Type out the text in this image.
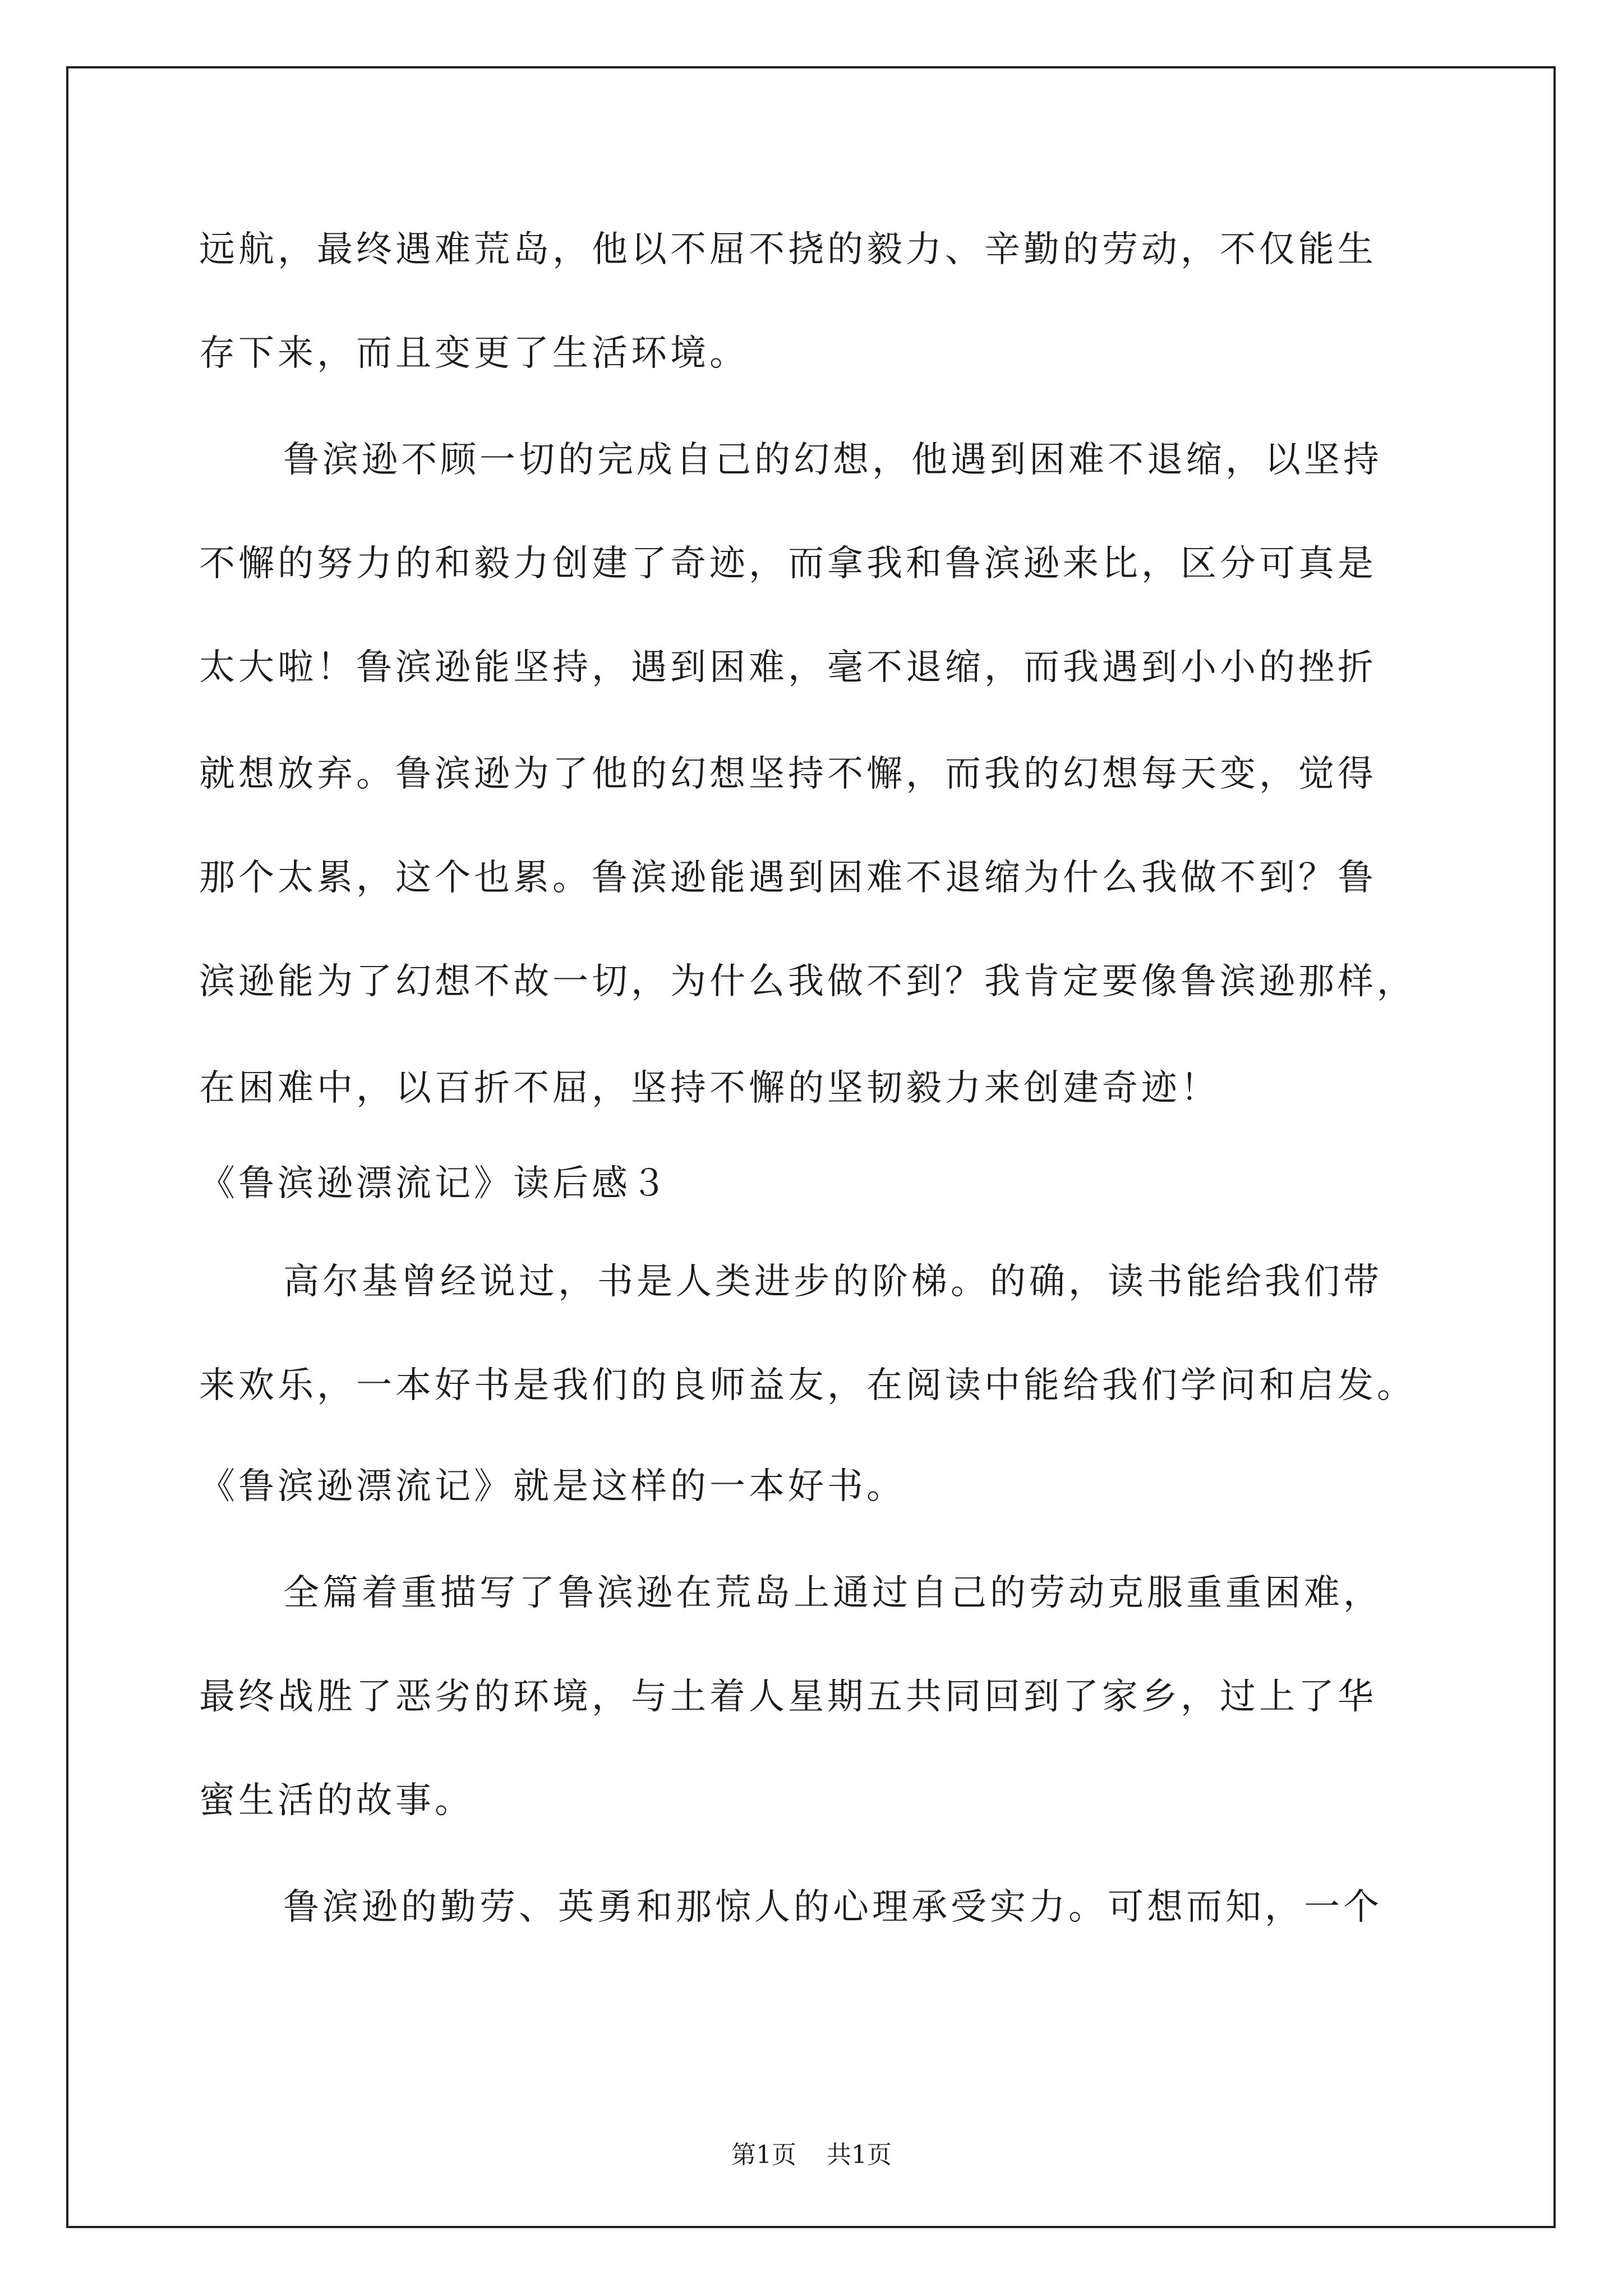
远航，最终遇难荒岛，他以不屈不挠的毅力、辛勤的劳动，不仅能生
存下来，而且变更了生活环境。
鲁滨逊不顾一切的完成自己的幻想，他遇到困难不退缩，以坚持
不懈的努力的和毅力创建了奇迹，而拿我和鲁滨逊来比，区分可真是
太大啦！鲁滨逊能坚持，遇到困难，毫不退缩，而我遇到小小的挫折
就想放弃。鲁滨逊为了他的幻想坚持不懈，而我的幻想每天变，觉得
那个太累，这个也累。鲁滨逊能遇到困难不退缩为什么我做不到？鲁
滨逊能为了幻想不故一切，为什么我做不到？我肯定要像鲁滨逊那样，
在困难中，以百折不屈，坚持不懈的坚韧毅力来创建奇迹！
《鲁滨逊漂流记》读后感３
高尔基曾经说过，书是人类进步的阶梯。的确，读书能给我们带
来欢乐，一本好书是我们的良师益友，在阅读中能给我们学问和启发。
《鲁滨逊漂流记》就是这样的一本好书。
全篇着重描写了鲁滨逊在荒岛上通过自己的劳动克服重重困难，
最终战胜了恶劣的环境，与土着人星期五共同回到了家乡，过上了华
蜜生活的故事。
鲁滨逊的勤劳、英勇和那惊人的心理承受实力。可想而知，一个
第1页 共1页
